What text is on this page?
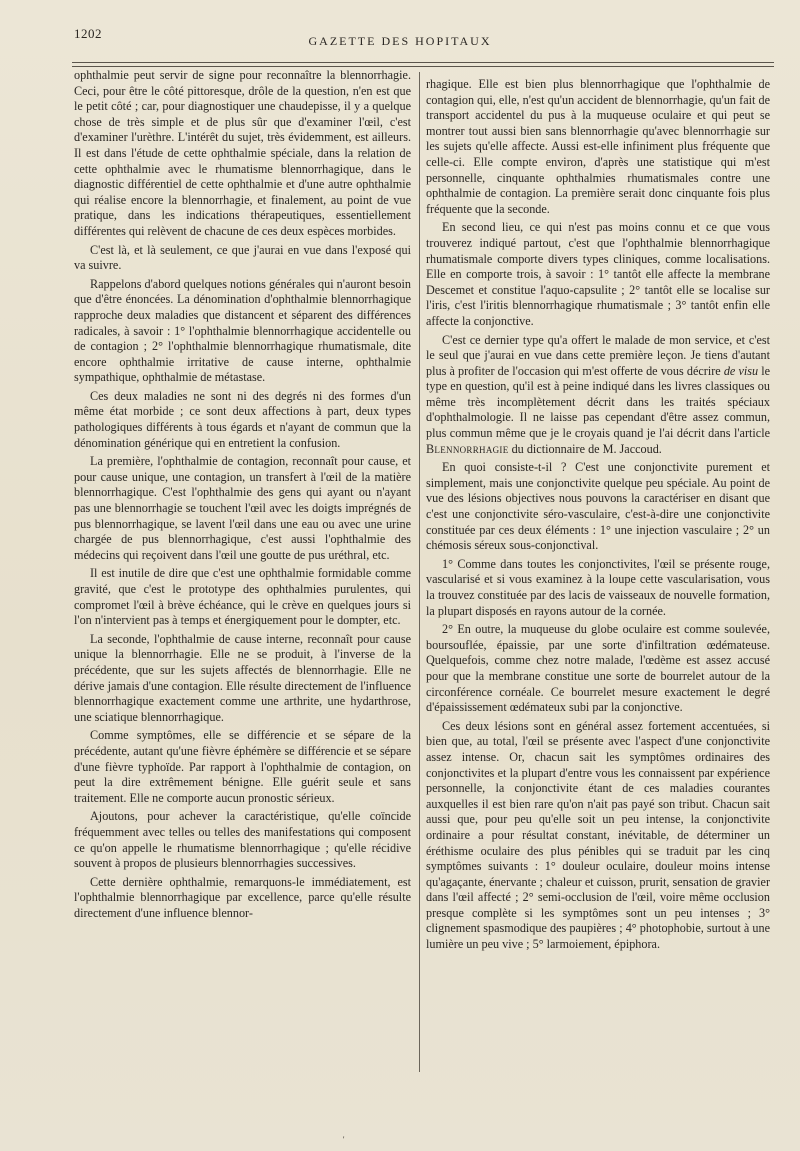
1202	GAZETTE DES HOPITAUX

ophthalmie peut servir de signe pour reconnaître la blennorrhagie. Ceci, pour être le côté pittoresque, drôle de la question, n'en est que le petit côté ; car, pour diagnostiquer une chaudepisse, il y a quelque chose de très simple et de plus sûr que d'examiner l'œil, c'est d'examiner l'urèthre. L'intérêt du sujet, très évidemment, est ailleurs. Il est dans l'étude de cette ophthalmie spéciale, dans la relation de cette ophthalmie avec le rhumatisme blennorrhagique, dans le diagnostic différentiel de cette ophthalmie et d'une autre ophthalmie qui réalise encore la blennorrhagie, et finalement, au point de vue pratique, dans les indications thérapeutiques, essentiellement différentes qui relèvent de chacune de ces deux espèces morbides.

C'est là, et là seulement, ce que j'aurai en vue dans l'exposé qui va suivre.

Rappelons d'abord quelques notions générales qui n'auront besoin que d'être énoncées. La dénomination d'ophthalmie blennorrhagique rapproche deux maladies que distancent et séparent des différences radicales, à savoir : 1° l'ophthalmie blennorrhagique accidentelle ou de contagion ; 2° l'ophthalmie blennorrhagique rhumatismale, dite encore ophthalmie irritative de cause interne, ophthalmie sympathique, ophthalmie de métastase.

Ces deux maladies ne sont ni des degrés ni des formes d'un même état morbide ; ce sont deux affections à part, deux types pathologiques différents à tous égards et n'ayant de commun que la dénomination générique qui en entretient la confusion.

La première, l'ophthalmie de contagion, reconnaît pour cause, et pour cause unique, une contagion, un transfert à l'œil de la matière blennorrhagique. C'est l'ophthalmie des gens qui ayant ou n'ayant pas une blennorrhagie se touchent l'œil avec les doigts imprégnés de pus blennorrhagique, se lavent l'œil dans une eau ou avec une urine chargée de pus blennorrhagique, c'est aussi l'ophthalmie des médecins qui reçoivent dans l'œil une goutte de pus uréthral, etc.

Il est inutile de dire que c'est une ophthalmie formidable comme gravité, que c'est le prototype des ophthalmies purulentes, qui compromet l'œil à brève échéance, qui le crève en quelques jours si l'on n'intervient pas à temps et énergiquement pour le dompter, etc.

La seconde, l'ophthalmie de cause interne, reconnaît pour cause unique la blennorrhagie. Elle ne se produit, à l'inverse de la précédente, que sur les sujets affectés de blennorrhagie. Elle ne dérive jamais d'une contagion. Elle résulte directement de l'influence blennorrhagique exactement comme une arthrite, une hydarthrose, une sciatique blennorrhagique.

Comme symptômes, elle se différencie et se sépare de la précédente, autant qu'une fièvre éphémère se différencie et se sépare d'une fièvre typhoïde. Par rapport à l'ophthalmie de contagion, on peut la dire extrêmement bénigne. Elle guérit seule et sans traitement. Elle ne comporte aucun pronostic sérieux.

Ajoutons, pour achever la caractéristique, qu'elle coïncide fréquemment avec telles ou telles des manifestations qui composent ce qu'on appelle le rhumatisme blennorrhagique ; qu'elle récidive souvent à propos de plusieurs blennorrhagies successives.

Cette dernière ophthalmie, remarquons-le immédiatement, est l'ophthalmie blennorrhagique par excellence, parce qu'elle résulte directement d'une influence blennor-

rhagique. Elle est bien plus blennorrhagique que l'ophthalmie de contagion qui, elle, n'est qu'un accident de blennorrhagie, qu'un fait de transport accidentel du pus à la muqueuse oculaire et qui peut se montrer tout aussi bien sans blennorrhagie qu'avec blennorrhagie sur les sujets qu'elle affecte. Aussi est-elle infiniment plus fréquente que celle-ci. Elle compte environ, d'après une statistique qui m'est personnelle, cinquante ophthalmies rhumatismales contre une ophthalmie de contagion. La première serait donc cinquante fois plus fréquente que la seconde.

En second lieu, ce qui n'est pas moins connu et ce que vous trouverez indiqué partout, c'est que l'ophthalmie blennorrhagique rhumatismale comporte divers types cliniques, comme localisations. Elle en comporte trois, à savoir : 1° tantôt elle affecte la membrane Descemet et constitue l'aquo-capsulite ; 2° tantôt elle se localise sur l'iris, c'est l'iritis blennorrhagique rhumatismale ; 3° tantôt enfin elle affecte la conjonctive.

C'est ce dernier type qu'a offert le malade de mon service, et c'est le seul que j'aurai en vue dans cette première leçon. Je tiens d'autant plus à profiter de l'occasion qui m'est offerte de vous décrire de visu le type en question, qu'il est à peine indiqué dans les livres classiques ou même très incomplètement décrit dans les traités spéciaux d'ophthalmologie. Il ne laisse pas cependant d'être assez commun, plus commun même que je le croyais quand je l'ai décrit dans l'article Blennorrhagie du dictionnaire de M. Jaccoud.

En quoi consiste-t-il ? C'est une conjonctivite purement et simplement, mais une conjonctivite quelque peu spéciale. Au point de vue des lésions objectives nous pouvons la caractériser en disant que c'est une conjonctivite séro-vasculaire, c'est-à-dire une conjonctivite constituée par ces deux éléments : 1° une injection vasculaire ; 2° un chémosis séreux sous-conjonctival.

1° Comme dans toutes les conjonctivites, l'œil se présente rouge, vascularisé et si vous examinez à la loupe cette vascularisation, vous la trouvez constituée par des lacis de vaisseaux de nouvelle formation, la plupart disposés en rayons autour de la cornée.

2° En outre, la muqueuse du globe oculaire est comme soulevée, boursouflée, épaissie, par une sorte d'infiltration œdémateuse. Quelquefois, comme chez notre malade, l'œdème est assez accusé pour que la membrane constitue une sorte de bourrelet autour de la circonférence cornéale. Ce bourrelet mesure exactement le degré d'épaississement œdémateux subi par la conjonctive.

Ces deux lésions sont en général assez fortement accentuées, si bien que, au total, l'œil se présente avec l'aspect d'une conjonctivite assez intense. Or, chacun sait les symptômes ordinaires des conjonctivites et la plupart d'entre vous les connaissent par expérience personnelle, la conjonctivite étant de ces maladies courantes auxquelles il est bien rare qu'on n'ait pas payé son tribut. Chacun sait aussi que, pour peu qu'elle soit un peu intense, la conjonctivite ordinaire a pour résultat constant, inévitable, de déterminer un éréthisme oculaire des plus pénibles qui se traduit par les cinq symptômes suivants : 1° douleur oculaire, douleur moins intense qu'agaçante, énervante ; chaleur et cuisson, prurit, sensation de gravier dans l'œil affecté ; 2° semi-occlusion de l'œil, voire même occlusion presque complète si les symptômes sont un peu intenses ; 3° clignement spasmodique des paupières ; 4° photophobie, surtout à une lumière un peu vive ; 5° larmoiement, épiphora.

'
